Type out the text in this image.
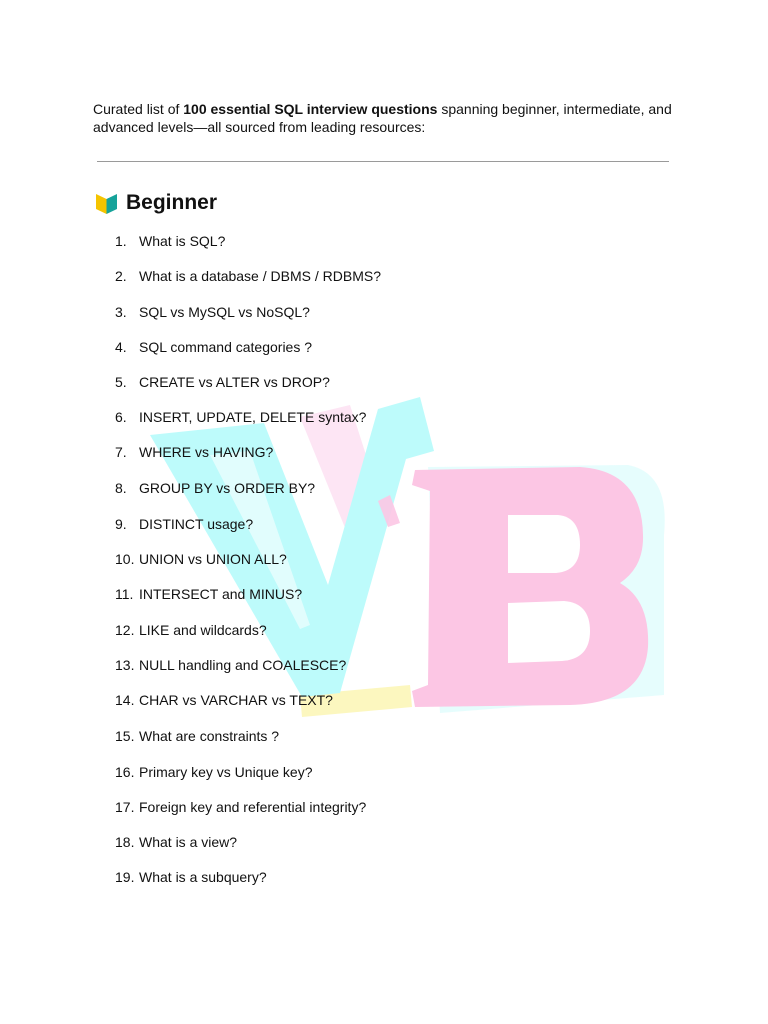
Curated list of 100 essential SQL interview questions spanning beginner, intermediate, and advanced levels—all sourced from leading resources:

Beginner
1. What is SQL?
2. What is a database / DBMS / RDBMS?
3. SQL vs MySQL vs NoSQL?
4. SQL command categories ?
5. CREATE vs ALTER vs DROP?
6. INSERT, UPDATE, DELETE syntax?
7. WHERE vs HAVING?
8. GROUP BY vs ORDER BY?
9. DISTINCT usage?
10. UNION vs UNION ALL?
11. INTERSECT and MINUS?
12. LIKE and wildcards?
13. NULL handling and COALESCE?
14. CHAR vs VARCHAR vs TEXT?
15. What are constraints ?
16. Primary key vs Unique key?
17. Foreign key and referential integrity?
18. What is a view?
19. What is a subquery?
